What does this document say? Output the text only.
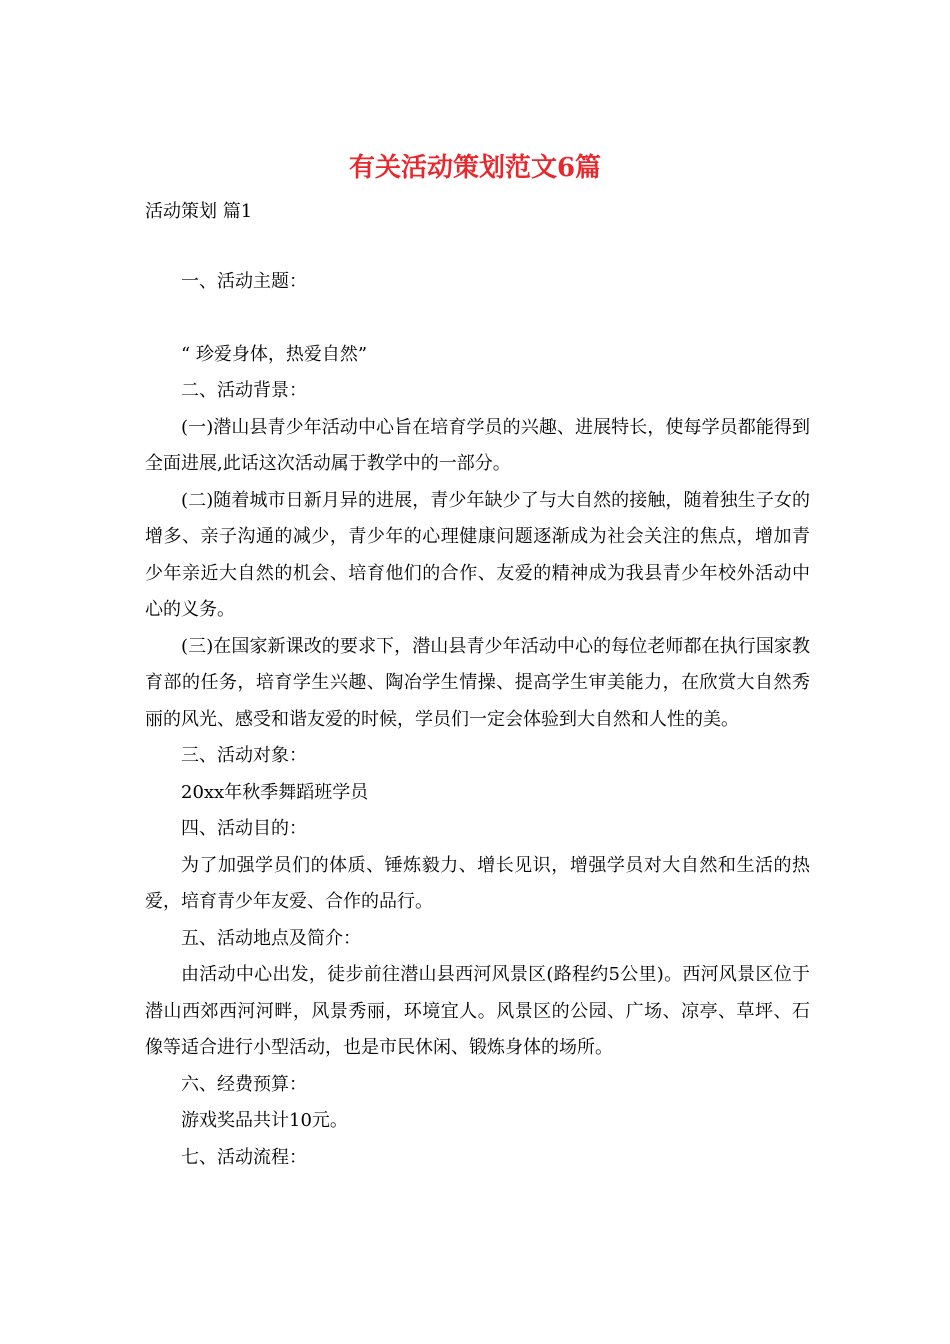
有关活动策划范文6篇
活动策划 篇1

一、活动主题：

“ 珍爱身体，热爱自然”

二、活动背景：

(一)潜山县青少年活动中心旨在培育学员的兴趣、进展特长，使每学员都能得到全面进展,此话这次活动属于教学中的一部分。

(二)随着城市日新月异的进展，青少年缺少了与大自然的接触，随着独生子女的增多、亲子沟通的减少，青少年的心理健康问题逐渐成为社会关注的焦点，增加青少年亲近大自然的机会、培育他们的合作、友爱的精神成为我县青少年校外活动中心的义务。

(三)在国家新课改的要求下，潜山县青少年活动中心的每位老师都在执行国家教育部的任务，培育学生兴趣、陶冶学生情操、提高学生审美能力，在欣赏大自然秀丽的风光、感受和谐友爱的时候，学员们一定会体验到大自然和人性的美。

三、活动对象：

20xx年秋季舞蹈班学员

四、活动目的：

为了加强学员们的体质、锤炼毅力、增长见识，增强学员对大自然和生活的热爱，培育青少年友爱、合作的品行。

五、活动地点及简介：

由活动中心出发，徒步前往潜山县西河风景区(路程约5公里)。西河风景区位于潜山西郊西河河畔，风景秀丽，环境宜人。风景区的公园、广场、凉亭、草坪、石像等适合进行小型活动，也是市民休闲、锻炼身体的场所。

六、经费预算：

游戏奖品共计10元。

七、活动流程：
